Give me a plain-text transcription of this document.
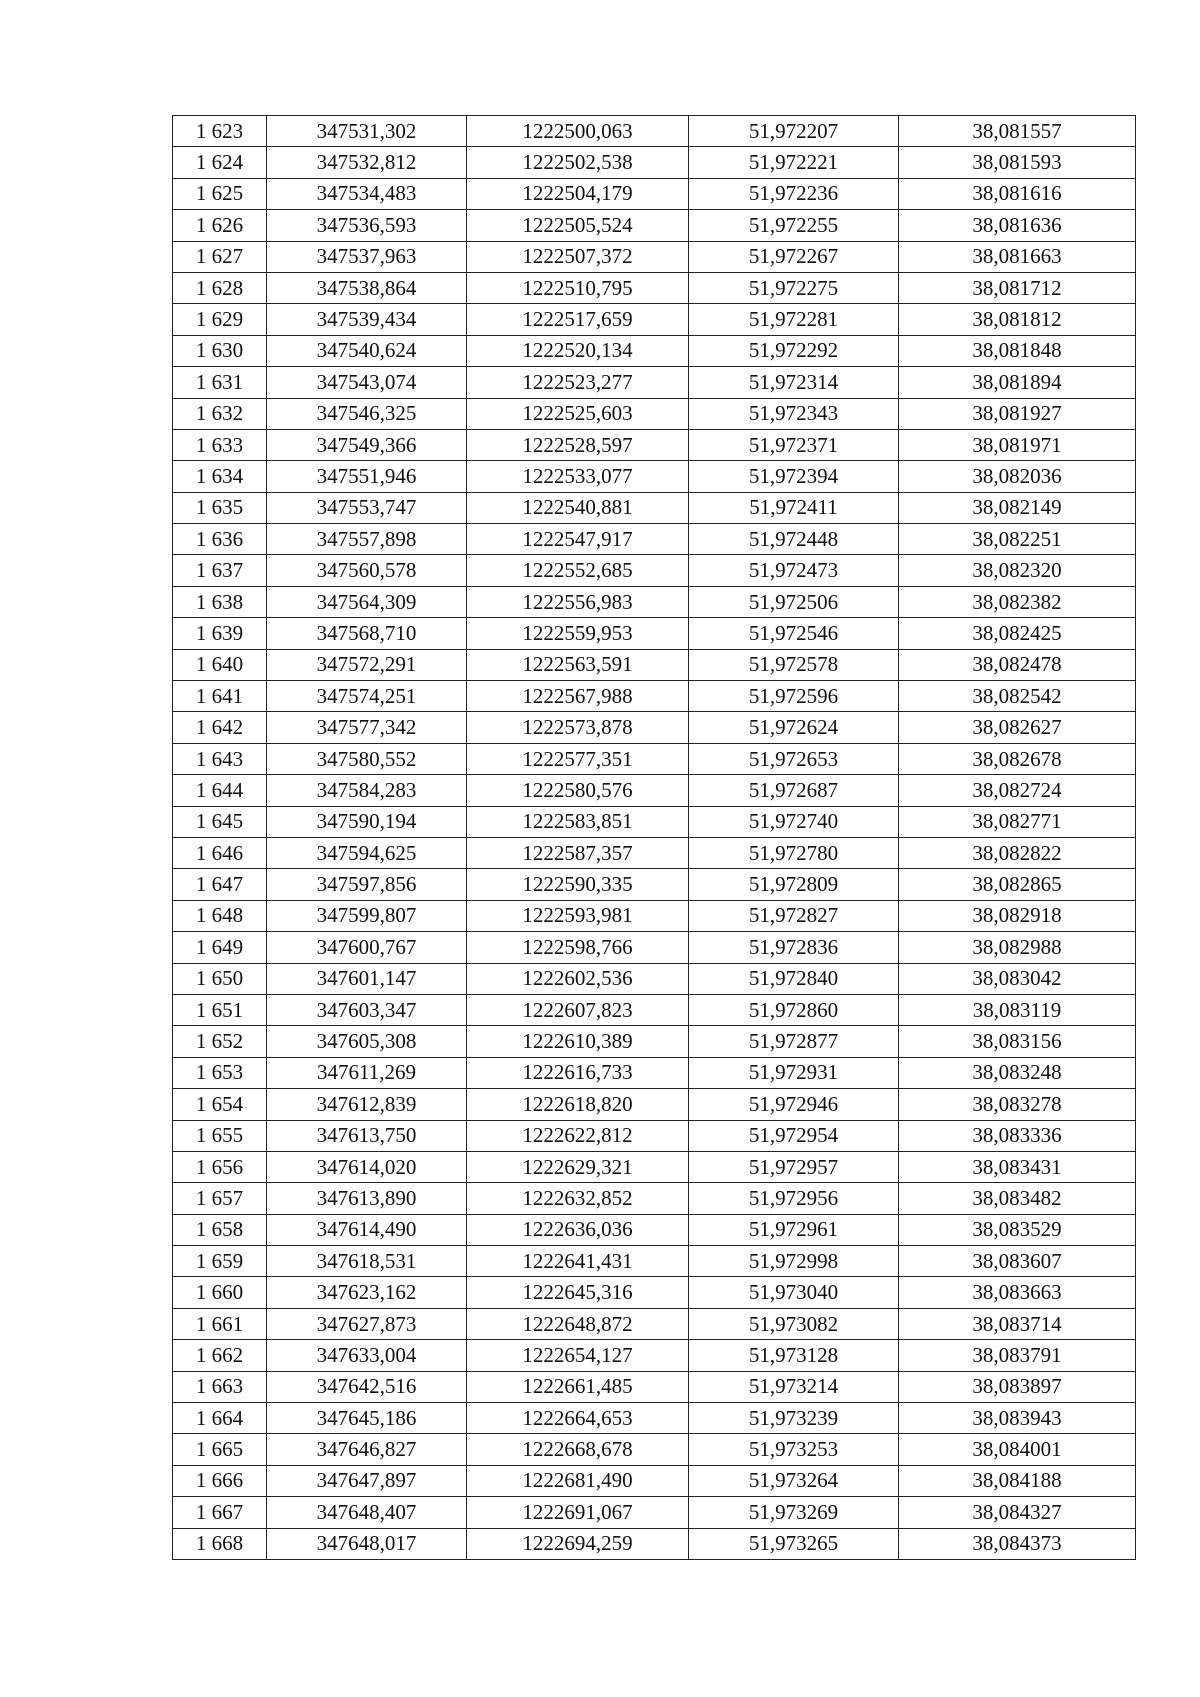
1 623	347531,302	1222500,063	51,972207	38,081557
1 624	347532,812	1222502,538	51,972221	38,081593
1 625	347534,483	1222504,179	51,972236	38,081616
1 626	347536,593	1222505,524	51,972255	38,081636
1 627	347537,963	1222507,372	51,972267	38,081663
1 628	347538,864	1222510,795	51,972275	38,081712
1 629	347539,434	1222517,659	51,972281	38,081812
1 630	347540,624	1222520,134	51,972292	38,081848
1 631	347543,074	1222523,277	51,972314	38,081894
1 632	347546,325	1222525,603	51,972343	38,081927
1 633	347549,366	1222528,597	51,972371	38,081971
1 634	347551,946	1222533,077	51,972394	38,082036
1 635	347553,747	1222540,881	51,972411	38,082149
1 636	347557,898	1222547,917	51,972448	38,082251
1 637	347560,578	1222552,685	51,972473	38,082320
1 638	347564,309	1222556,983	51,972506	38,082382
1 639	347568,710	1222559,953	51,972546	38,082425
1 640	347572,291	1222563,591	51,972578	38,082478
1 641	347574,251	1222567,988	51,972596	38,082542
1 642	347577,342	1222573,878	51,972624	38,082627
1 643	347580,552	1222577,351	51,972653	38,082678
1 644	347584,283	1222580,576	51,972687	38,082724
1 645	347590,194	1222583,851	51,972740	38,082771
1 646	347594,625	1222587,357	51,972780	38,082822
1 647	347597,856	1222590,335	51,972809	38,082865
1 648	347599,807	1222593,981	51,972827	38,082918
1 649	347600,767	1222598,766	51,972836	38,082988
1 650	347601,147	1222602,536	51,972840	38,083042
1 651	347603,347	1222607,823	51,972860	38,083119
1 652	347605,308	1222610,389	51,972877	38,083156
1 653	347611,269	1222616,733	51,972931	38,083248
1 654	347612,839	1222618,820	51,972946	38,083278
1 655	347613,750	1222622,812	51,972954	38,083336
1 656	347614,020	1222629,321	51,972957	38,083431
1 657	347613,890	1222632,852	51,972956	38,083482
1 658	347614,490	1222636,036	51,972961	38,083529
1 659	347618,531	1222641,431	51,972998	38,083607
1 660	347623,162	1222645,316	51,973040	38,083663
1 661	347627,873	1222648,872	51,973082	38,083714
1 662	347633,004	1222654,127	51,973128	38,083791
1 663	347642,516	1222661,485	51,973214	38,083897
1 664	347645,186	1222664,653	51,973239	38,083943
1 665	347646,827	1222668,678	51,973253	38,084001
1 666	347647,897	1222681,490	51,973264	38,084188
1 667	347648,407	1222691,067	51,973269	38,084327
1 668	347648,017	1222694,259	51,973265	38,084373
